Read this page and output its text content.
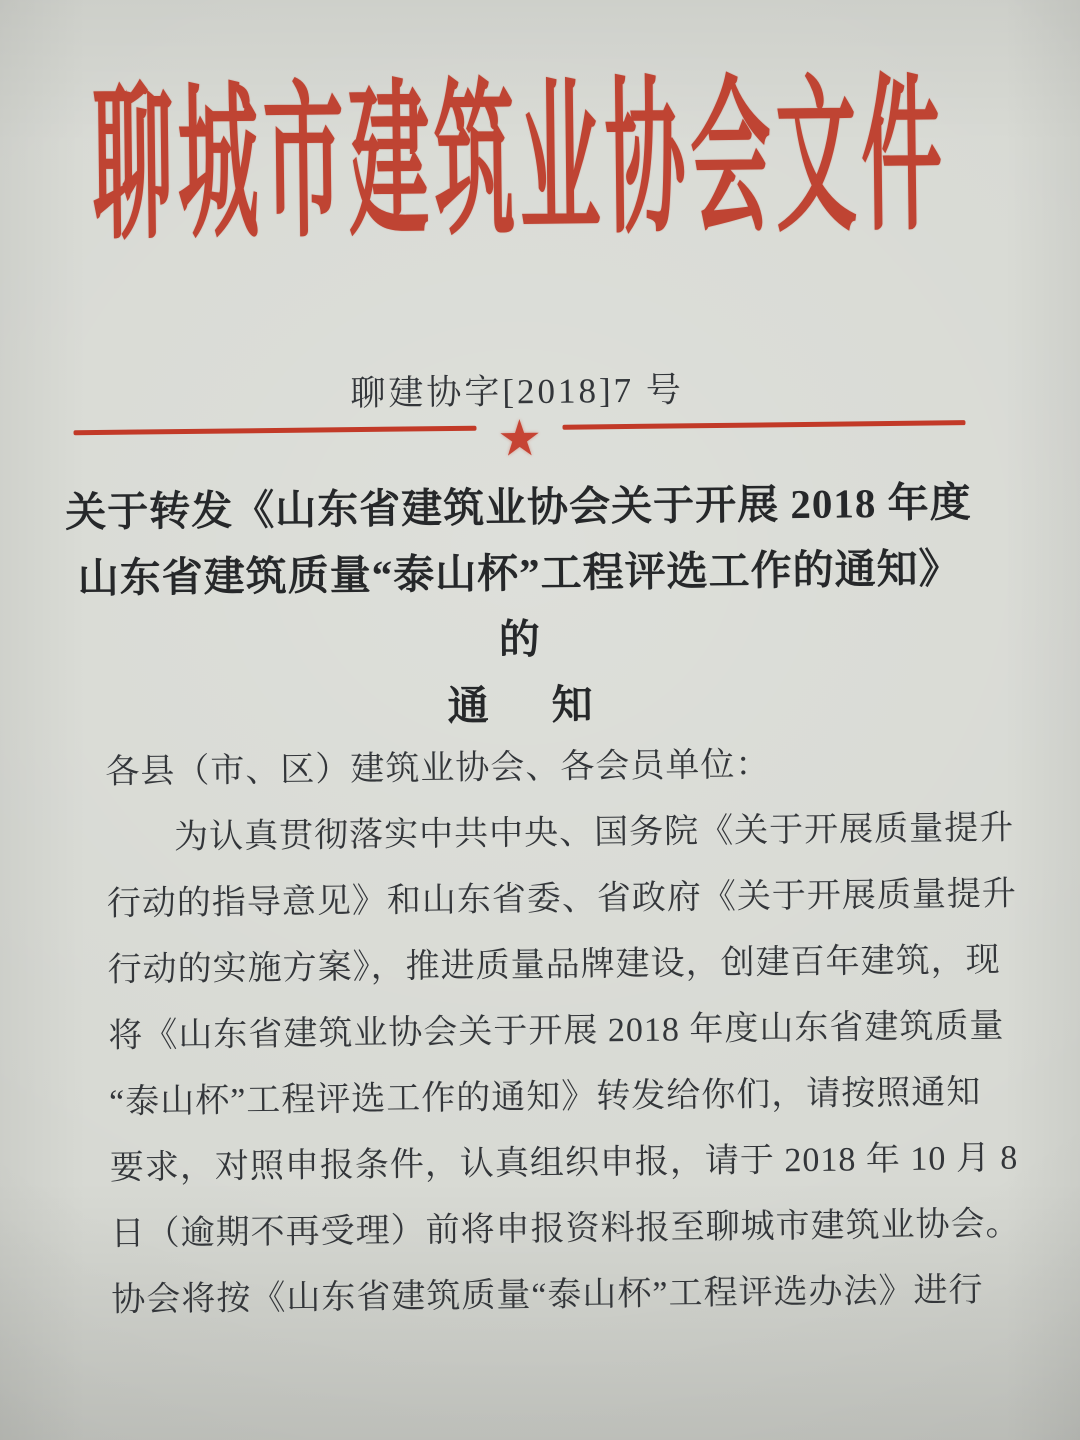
聊城市建筑业协会文件
聊建协字[2018]7 号
★
关于转发《山东省建筑业协会关于开展 2018 年度
山东省建筑质量“泰山杯”工程评选工作的通知》的
通 知
各县（市、区）建筑业协会、各会员单位：
为认真贯彻落实中共中央、国务院《关于开展质量提升
行动的指导意见》和山东省委、省政府《关于开展质量提升
行动的实施方案》，推进质量品牌建设，创建百年建筑，现
将《山东省建筑业协会关于开展 2018 年度山东省建筑质量
“泰山杯”工程评选工作的通知》转发给你们，请按照通知
要求，对照申报条件，认真组织申报，请于 2018 年 10 月 8
日（逾期不再受理）前将申报资料报至聊城市建筑业协会。
协会将按《山东省建筑质量“泰山杯”工程评选办法》进行
